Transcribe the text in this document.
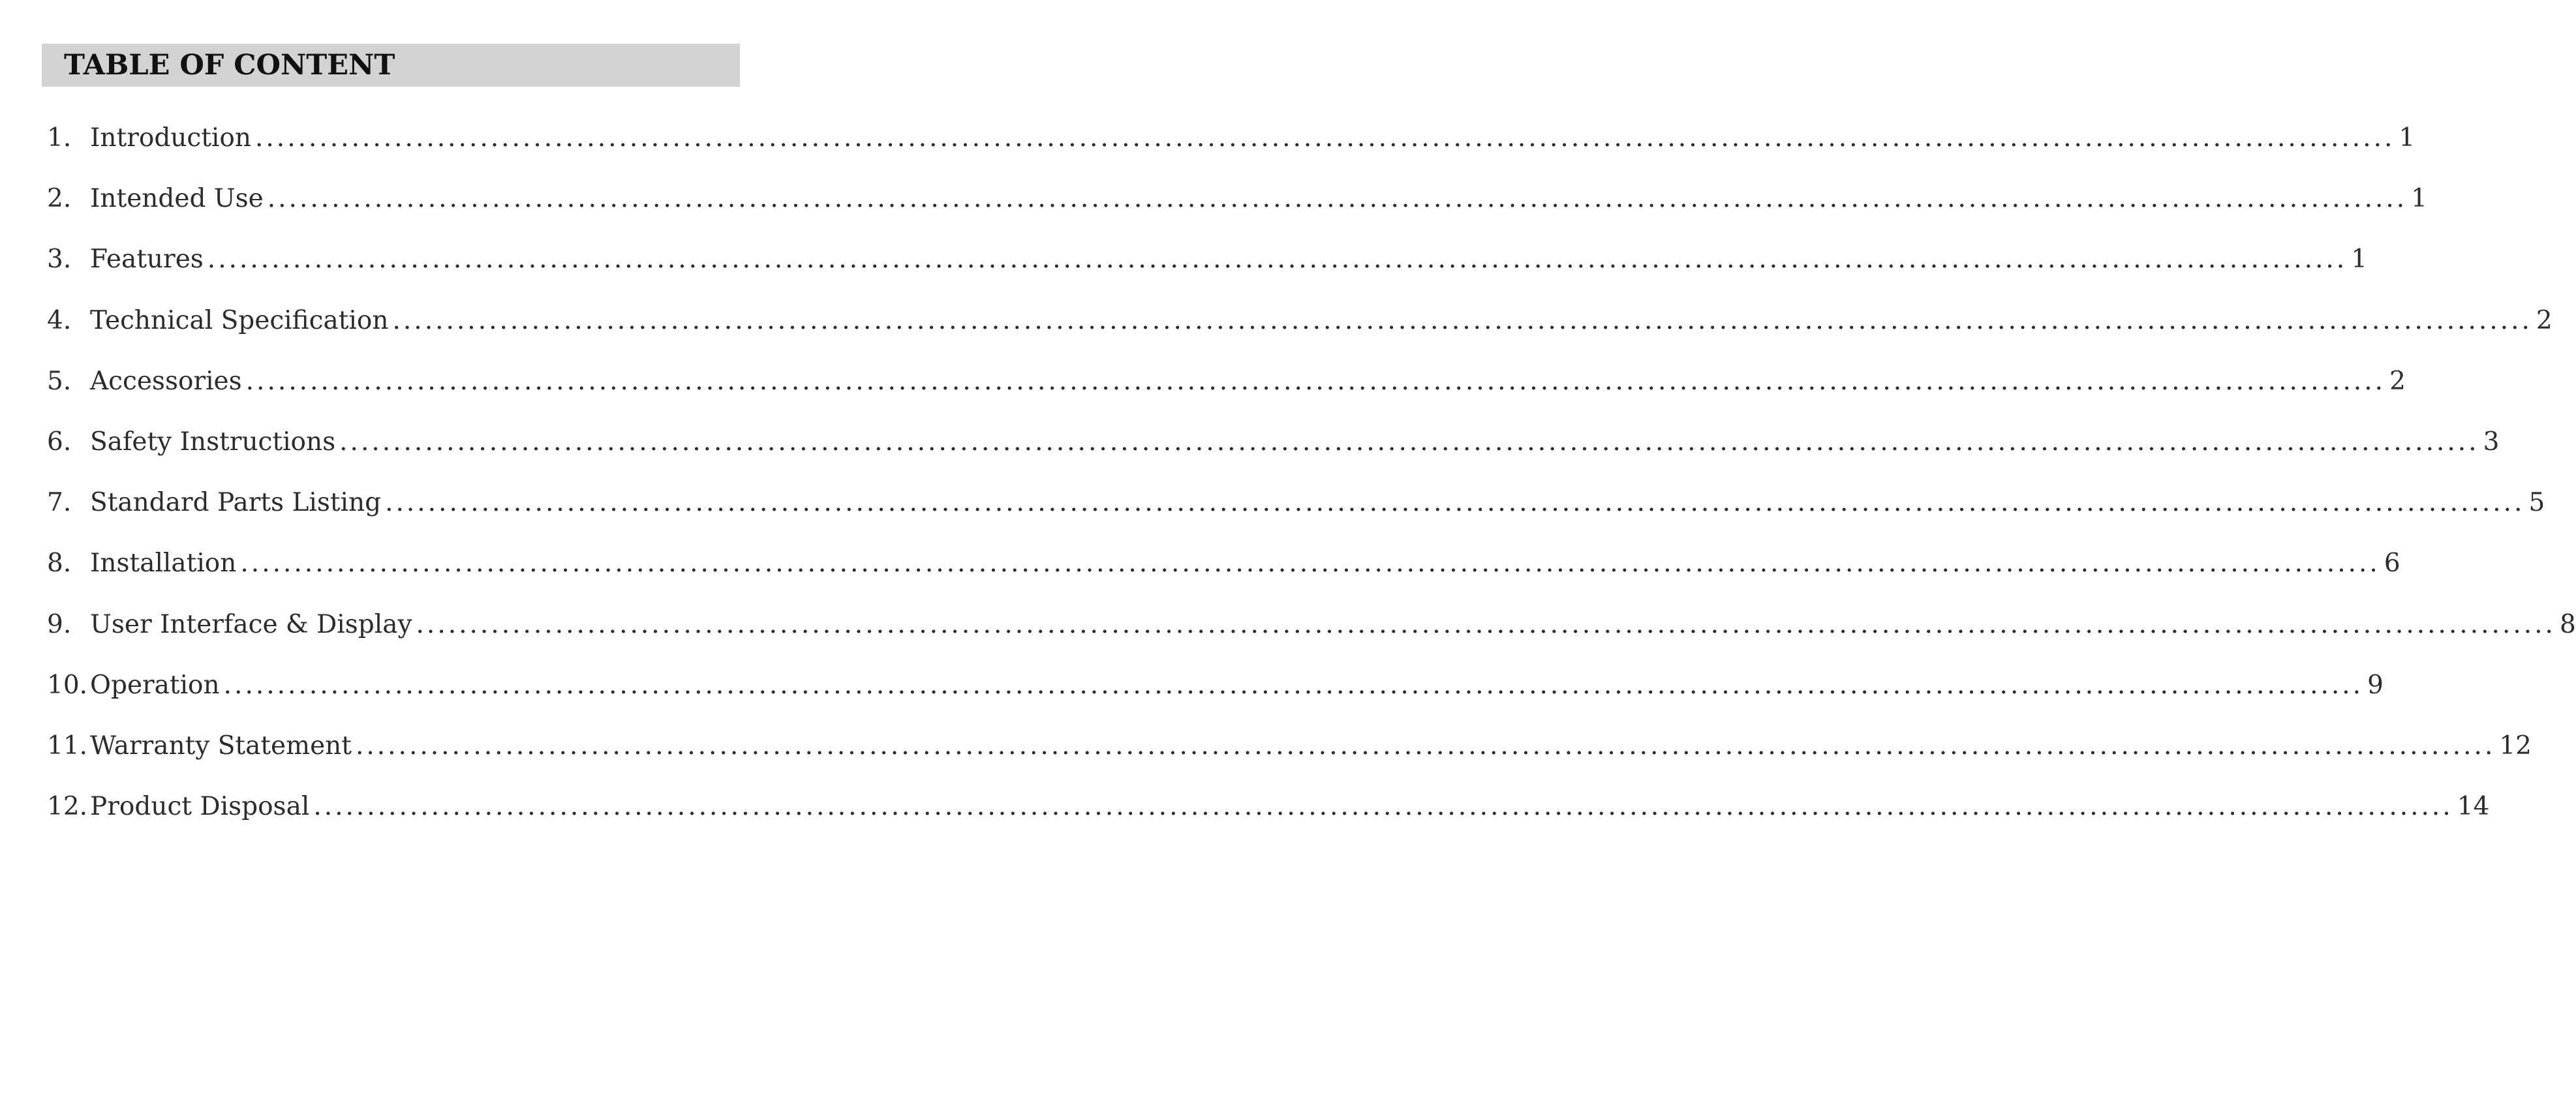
TABLE OF CONTENT
1. Introduction ........................................................................................................................................................................................................ 1
2. Intended Use ........................................................................................................................................................................................................ 1
3. Features ........................................................................................................................................................................................................ 1
4. Technical Specification ........................................................................................................................................................................................................ 2
5. Accessories ........................................................................................................................................................................................................ 2
6. Safety Instructions ........................................................................................................................................................................................................ 3
7. Standard Parts Listing ........................................................................................................................................................................................................ 5
8. Installation ........................................................................................................................................................................................................ 6
9. User Interface & Display ........................................................................................................................................................................................................ 8
10. Operation ........................................................................................................................................................................................................ 9
11. Warranty Statement ........................................................................................................................................................................................................ 12
12. Product Disposal ........................................................................................................................................................................................................ 14
